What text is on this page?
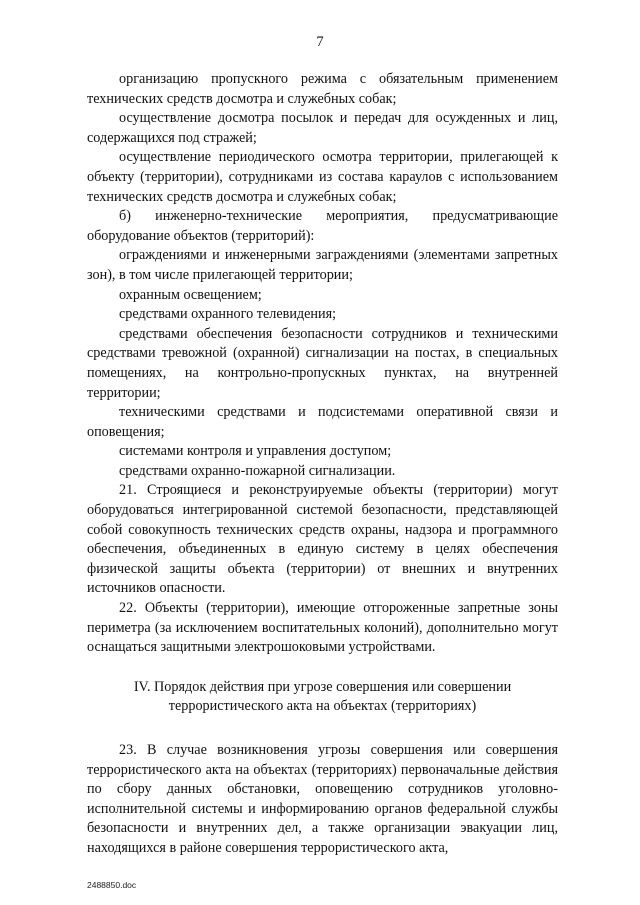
7

организацию пропускного режима с обязательным применением технических средств досмотра и служебных собак;

осуществление досмотра посылок и передач для осужденных и лиц, содержащихся под стражей;

осуществление периодического осмотра территории, прилегающей к объекту (территории), сотрудниками из состава караулов с использованием технических средств досмотра и служебных собак;

б) инженерно-технические мероприятия, предусматривающие оборудование объектов (территорий):

ограждениями и инженерными заграждениями (элементами запретных зон), в том числе прилегающей территории;

охранным освещением;

средствами охранного телевидения;

средствами обеспечения безопасности сотрудников и техническими средствами тревожной (охранной) сигнализации на постах, в специальных помещениях, на контрольно-пропускных пунктах, на внутренней территории;

техническими средствами и подсистемами оперативной связи и оповещения;

системами контроля и управления доступом;

средствами охранно-пожарной сигнализации.

21. Строящиеся и реконструируемые объекты (территории) могут оборудоваться интегрированной системой безопасности, представляющей собой совокупность технических средств охраны, надзора и программного обеспечения, объединенных в единую систему в целях обеспечения физической защиты объекта (территории) от внешних и внутренних источников опасности.

22. Объекты (территории), имеющие отгороженные запретные зоны периметра (за исключением воспитательных колоний), дополнительно могут оснащаться защитными электрошоковыми устройствами.

IV. Порядок действия при угрозе совершения или совершении
террористического акта на объектах (территориях)

23. В случае возникновения угрозы совершения или совершения террористического акта на объектах (территориях) первоначальные действия по сбору данных обстановки, оповещению сотрудников уголовно-исполнительной системы и информированию органов федеральной службы безопасности и внутренних дел, а также организации эвакуации лиц, находящихся в районе совершения террористического акта,

2488850.doc
